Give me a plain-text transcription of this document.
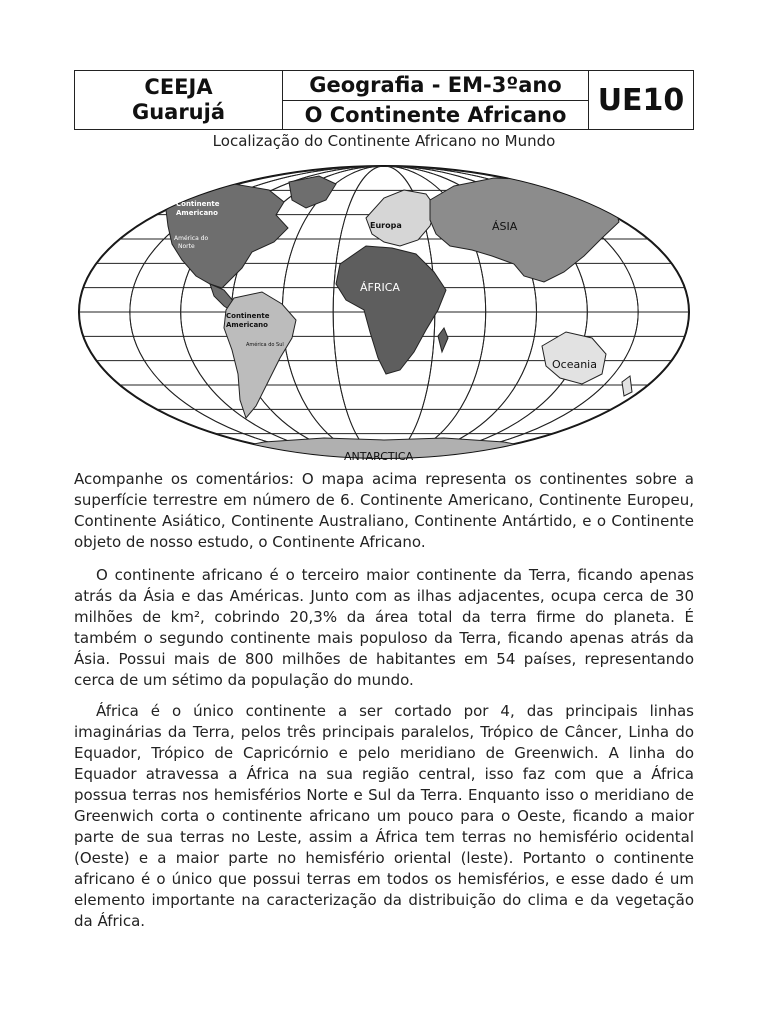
CEEJA
Guarujá
Geografia - EM-3ºano
O Continente Africano	UE10
Localização do Continente Africano no Mundo
Continente Americano
América do Norte
ÁFRICA
Continente Americano
América do Sul
Europa	ÁSIA
Oceania
ANTARCTICA

Acompanhe os comentários: O mapa acima representa os continentes sobre a superfície terrestre em número de 6. Continente Americano, Continente Europeu, Continente Asiático, Continente Australiano, Continente Antártido, e o Continente objeto de nosso estudo, o Continente Africano.

O continente africano é o terceiro maior continente da Terra, ficando apenas atrás da Ásia e das Américas. Junto com as ilhas adjacentes, ocupa cerca de 30 milhões de km², cobrindo 20,3% da área total da terra firme do planeta. É também o segundo continente mais populoso da Terra, ficando apenas atrás da Ásia. Possui mais de 800 milhões de habitantes em 54 países, representando cerca de um sétimo da população do mundo.

África é o único continente a ser cortado por 4, das principais linhas imaginárias da Terra, pelos três principais paralelos, Trópico de Câncer, Linha do Equador, Trópico de Capricórnio e pelo meridiano de Greenwich. A linha do Equador atravessa a África na sua região central, isso faz com que a África possua terras nos hemisférios Norte e Sul da Terra. Enquanto isso o meridiano de Greenwich corta o continente africano um pouco para o Oeste, ficando a maior parte de sua terras no Leste, assim a África tem terras no hemisfério ocidental (Oeste) e a maior parte no hemisfério oriental (leste). Portanto o continente africano é o único que possui terras em todos os hemisférios, e esse dado é um elemento importante na caracterização da distribuição do clima e da vegetação da África.
